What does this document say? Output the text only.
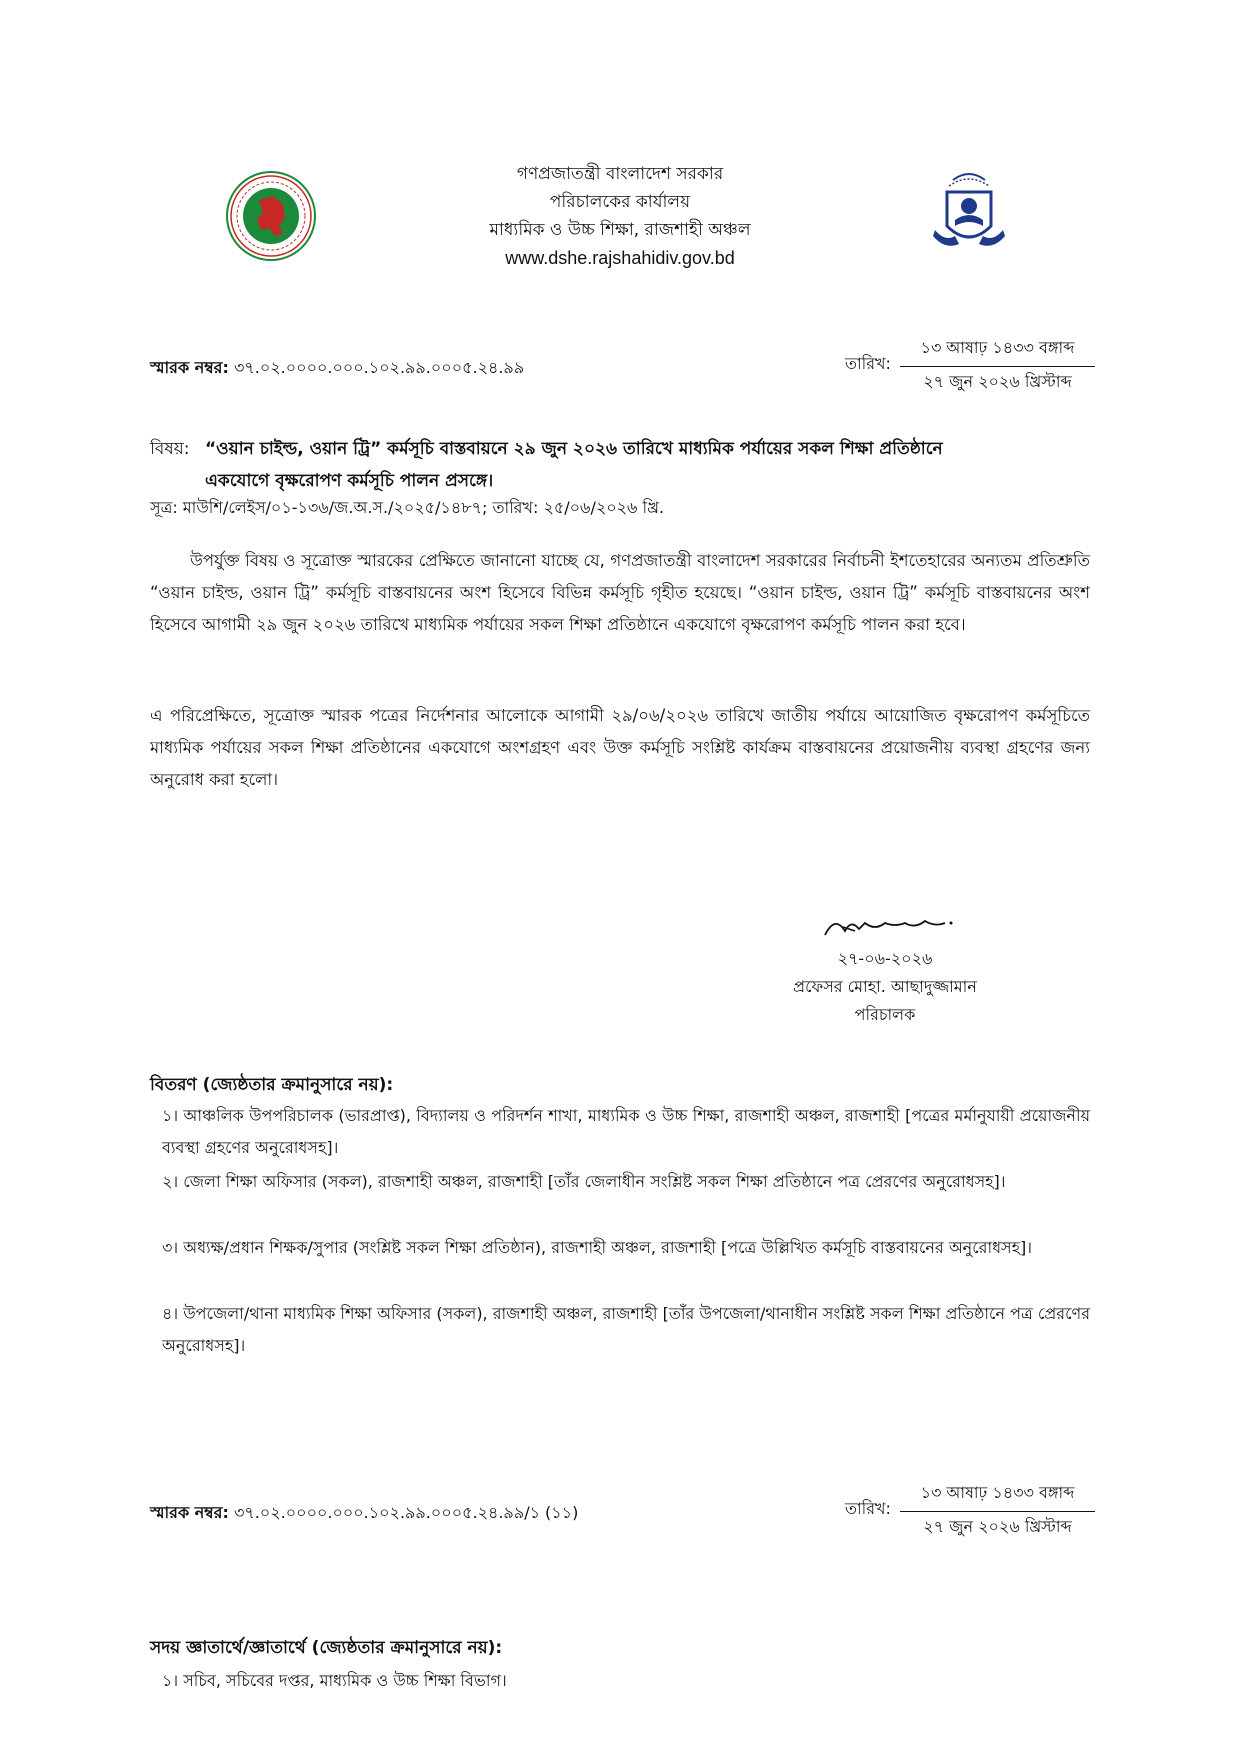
গণপ্রজাতন্ত্রী বাংলাদেশ সরকার
পরিচালকের কার্যালয়
মাধ্যমিক ও উচ্চ শিক্ষা, রাজশাহী অঞ্চল
www.dshe.rajshahidiv.gov.bd
স্মারক নম্বর: ৩৭.০২.০০০০.০০০.১০২.৯৯.০০০৫.২৪.৯৯	তারিখ:
১৩ আষাঢ় ১৪৩৩ বঙ্গাব্দ
২৭ জুন ২০২৬ খ্রিস্টাব্দ
বিষয়: “ওয়ান চাইল্ড, ওয়ান ট্রি” কর্মসূচি বাস্তবায়নে ২৯ জুন ২০২৬ তারিখে মাধ্যমিক পর্যায়ের সকল শিক্ষা প্রতিষ্ঠানে
একযোগে বৃক্ষরোপণ কর্মসূচি পালন প্রসঙ্গে।
সূত্র: মাউশি/লেইস/০১-১৩৬/জ.অ.স./২০২৫/১৪৮৭; তারিখ: ২৫/০৬/২০২৬ খ্রি.
উপর্যুক্ত বিষয় ও সূত্রোক্ত স্মারকের প্রেক্ষিতে জানানো যাচ্ছে যে, গণপ্রজাতন্ত্রী বাংলাদেশ সরকারের নির্বাচনী ইশতেহারের অন্যতম প্রতিশ্রুতি “ওয়ান চাইল্ড, ওয়ান ট্রি” কর্মসূচি বাস্তবায়নের অংশ হিসেবে বিভিন্ন কর্মসূচি গৃহীত হয়েছে। “ওয়ান চাইল্ড, ওয়ান ট্রি” কর্মসূচি বাস্তবায়নের অংশ হিসেবে আগামী ২৯ জুন ২০২৬ তারিখে মাধ্যমিক পর্যায়ের সকল শিক্ষা প্রতিষ্ঠানে একযোগে বৃক্ষরোপণ কর্মসূচি পালন করা হবে।
এ পরিপ্রেক্ষিতে, সূত্রোক্ত স্মারক পত্রের নির্দেশনার আলোকে আগামী ২৯/০৬/২০২৬ তারিখে জাতীয় পর্যায়ে আয়োজিত বৃক্ষরোপণ কর্মসূচিতে মাধ্যমিক পর্যায়ের সকল শিক্ষা প্রতিষ্ঠানের একযোগে অংশগ্রহণ এবং উক্ত কর্মসূচি সংশ্লিষ্ট কার্যক্রম বাস্তবায়নের প্রয়োজনীয় ব্যবস্থা গ্রহণের জন্য অনুরোধ করা হলো।
২৭-০৬-২০২৬
প্রফেসর মোহা. আছাদুজ্জামান
পরিচালক
বিতরণ (জ্যেষ্ঠতার ক্রমানুসারে নয়):
১। আঞ্চলিক উপপরিচালক (ভারপ্রাপ্ত), বিদ্যালয় ও পরিদর্শন শাখা, মাধ্যমিক ও উচ্চ শিক্ষা, রাজশাহী অঞ্চল, রাজশাহী [পত্রের মর্মানুযায়ী প্রয়োজনীয় ব্যবস্থা গ্রহণের অনুরোধসহ]।
২। জেলা শিক্ষা অফিসার (সকল), রাজশাহী অঞ্চল, রাজশাহী [তাঁর জেলাধীন সংশ্লিষ্ট সকল শিক্ষা প্রতিষ্ঠানে পত্র প্রেরণের অনুরোধসহ]।
৩। অধ্যক্ষ/প্রধান শিক্ষক/সুপার (সংশ্লিষ্ট সকল শিক্ষা প্রতিষ্ঠান), রাজশাহী অঞ্চল, রাজশাহী [পত্রে উল্লিখিত কর্মসূচি বাস্তবায়নের অনুরোধসহ]।
৪। উপজেলা/থানা মাধ্যমিক শিক্ষা অফিসার (সকল), রাজশাহী অঞ্চল, রাজশাহী [তাঁর উপজেলা/থানাধীন সংশ্লিষ্ট সকল শিক্ষা প্রতিষ্ঠানে পত্র প্রেরণের অনুরোধসহ]।
স্মারক নম্বর: ৩৭.০২.০০০০.০০০.১০২.৯৯.০০০৫.২৪.৯৯/১ (১১)	তারিখ:
১৩ আষাঢ় ১৪৩৩ বঙ্গাব্দ
২৭ জুন ২০২৬ খ্রিস্টাব্দ
সদয় জ্ঞাতার্থে/জ্ঞাতার্থে (জ্যেষ্ঠতার ক্রমানুসারে নয়):
১। সচিব, সচিবের দপ্তর, মাধ্যমিক ও উচ্চ শিক্ষা বিভাগ।
